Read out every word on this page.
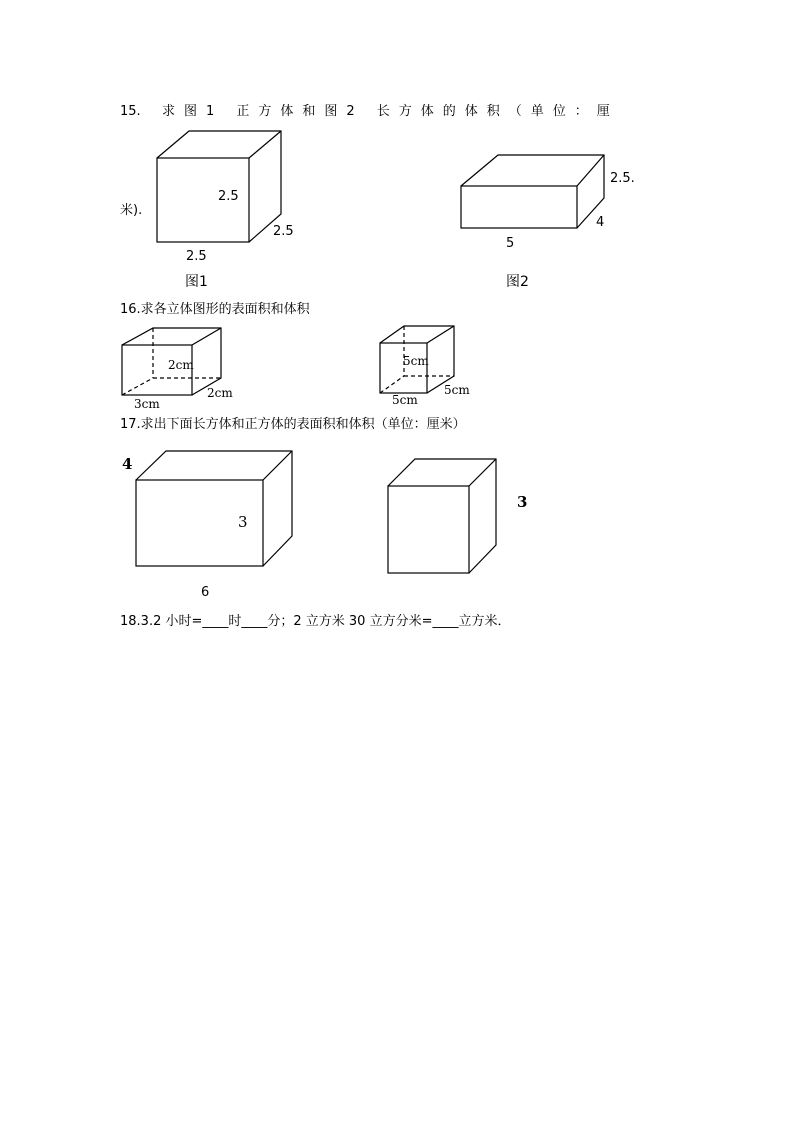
15. 求图1 正方体和图2 长方体的体积（单位：厘
米).
2.5
2.5
2.5
图1
2.5.
4
5
图2
16.求各立体图形的表面积和体积
2cm
2cm
3cm
5cm
5cm
5cm
17.求出下面长方体和正方体的表面积和体积（单位：厘米）
4
3
6
3
18.3.2 小时=____时____分；2 立方米 30 立方分米=____立方米．
